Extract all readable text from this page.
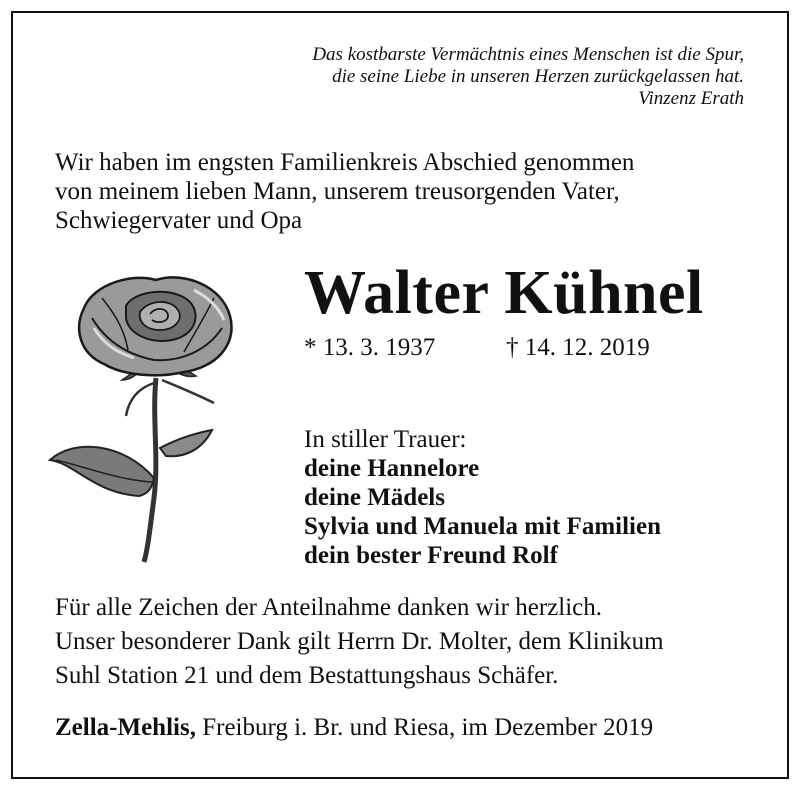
Das kostbarste Vermächtnis eines Menschen ist die Spur,
die seine Liebe in unseren Herzen zurückgelassen hat.
Vinzenz Erath
Wir haben im engsten Familienkreis Abschied genommen
von meinem lieben Mann, unserem treusorgenden Vater,
Schwiegervater und Opa
Walter Kühnel
* 13. 3. 1937	† 14. 12. 2019
In stiller Trauer:
deine Hannelore
deine Mädels
Sylvia und Manuela mit Familien
dein bester Freund Rolf
Für alle Zeichen der Anteilnahme danken wir herzlich.
Unser besonderer Dank gilt Herrn Dr. Molter, dem Klinikum
Suhl Station 21 und dem Bestattungshaus Schäfer.
Zella-Mehlis, Freiburg i. Br. und Riesa, im Dezember 2019
